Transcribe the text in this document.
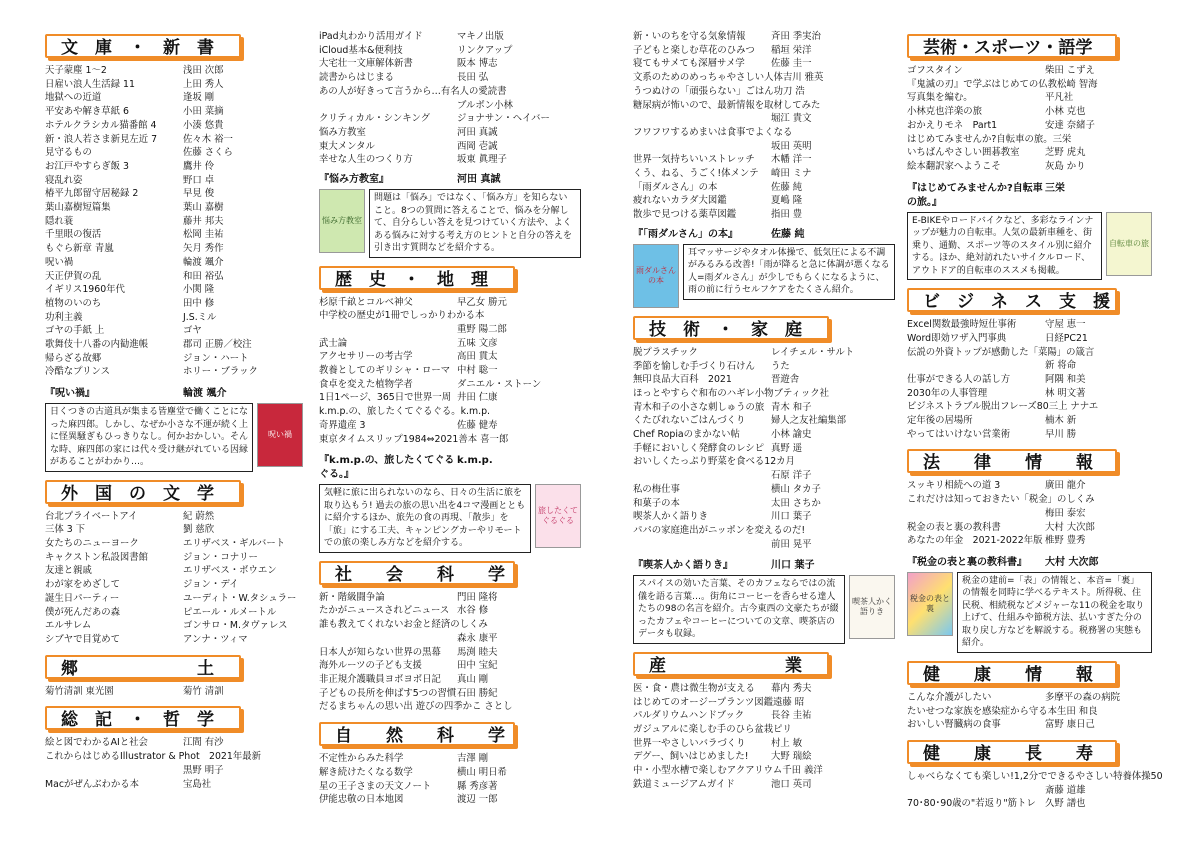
文　庫　・　新　書
天子蒙塵 1〜2	浅田 次郎
日雇い浪人生活録 11	上田 秀人
地獄への近道	逢坂 剛
平安あや解き草紙 6	小田 菜摘
ホテルクラシカル猫番館 4	小湊 悠貴
新・浪人若さま新見左近 7	佐々木 裕一
見守るもの	佐藤 さくら
お江戸やすらぎ飯 3	鷹井 伶
寝乱れ姿	野口 卓
椿平九郎留守居秘録 2	早見 俊
葉山嘉樹短篇集	葉山 嘉樹
隠れ蓑	藤井 邦夫
千里眼の復活	松岡 圭祐
もぐら新章 青嵐	矢月 秀作
呪い禍	輪渡 颯介
天正伊賀の乱	和田 裕弘
イギリス1960年代	小関 隆
植物のいのち	田中 修
功利主義	J.S.ミル
ゴヤの手紙 上	ゴヤ
歌舞伎十八番の内勧進帳	郡司 正勝／校注
帰らざる故郷	ジョン・ハート
冷酷なプリンス	ホリー・ブラック
『呪い禍』	輪渡 颯介
日くつきの古道具が集まる皆塵堂で働くことになった麻四郎。しかし、なぜか小さな不運が続く上に怪異騒ぎもひっきりなし。何かおかしい。そんな時、麻四郎の家には代々受け継がれている因縁があることがわかり…。
呪い禍
外　国　の　文　学
台北プライベートアイ	紀 蔚然
三体 3 下	劉 慈欣
女たちのニューヨーク	エリザベス・ギルバート
キャクストン私設図書館	ジョン・コナリー
友達と親戚	エリザベス・ボウエン
わが家をめざして	ジョン・デイ
誕生日パーティー	ユーディト・W.タシュラー
僕が死んだあの森	ピエール・ルメートル
エルサレム	ゴンサロ・M.タヴァレス
シブヤで目覚めて	アンナ・ツィマ
郷　　　　　　　土
菊竹清訓 東光園	菊竹 清訓
総　記　・　哲　学
絵と図でわかるAIと社会	江間 有沙
これからはじめるIllustrator & Phot　2021年最新
黒野 明子
Macがぜんぶわかる本	宝島社
iPad丸わかり活用ガイド	マキノ出版
iCloud基本&便利技	リンクアップ
大宅壮一文庫解体新書	阪本 博志
読書からはじまる	長田 弘
あの人が好きって言うから…有名人の愛読書
ブルボン小林
クリティカル・シンキング	ジョナサン・ヘイバー
悩み方教室	河田 真誠
東大メンタル	西岡 壱誠
幸せな人生のつくり方	坂東 眞理子
『悩み方教室』	河田 真誠
問題は「悩み」ではなく、「悩み方」を知らないこと。8つの質問に答えることで、悩みを分解して、自分らしい答えを見つけていく方法や、よくある悩みに対する考え方のヒントと自分の答えを引き出す質問などを紹介する。
悩み方教室
歴　史　・　地　理
杉原千畝とコルベ神父	早乙女 勝元
中学校の歴史が1冊でしっかりわかる本
重野 陽二郎
武士論	五味 文彦
アクセサリーの考古学	高田 貫太
教養としてのギリシャ・ローマ 中村 聡一
食卓を変えた植物学者	ダニエル・ストーン
1日1ページ、365日で世界一周 井田 仁康
k.m.p.の、旅したくてぐるぐる。 k.m.p.
奇界遺産 3	佐藤 健寿
東京タイムスリップ1984⇔2021 善本 喜一郎
『k.m.p.の、旅したくてぐるぐる。』
k.m.p.
気軽に旅に出られないのなら、日々の生活に旅を取り込もう! 過去の旅の思い出を4コマ漫画とともに紹介するほか、旅先の食の再現、「散歩」を「旅」にする工夫、キャンピングカーやリモートでの旅の楽しみ方などを紹介する。
旅したくてぐるぐる
社　　会　　科　　学
新・階級闘争論	門田 隆将
たかがニュースされどニュース 水谷 修
誰も教えてくれないお金と経済のしくみ
森永 康平
日本人が知らない世界の黒幕	馬渕 睦夫
海外ルーツの子ども支援	田中 宝紀
非正規介護職員ヨボヨボ日記	真山 剛
子どもの長所を伸ばす5つの習慣 石田 勝紀
だるまちゃんの思い出 遊びの四季 かこ さとし
自　　然　　科　　学
不定性からみた科学	吉澤 剛
解き続けたくなる数学	横山 明日希
星の王子さまの天文ノート	縣 秀彦著
伊能忠敬の日本地図	渡辺 一郎
新・いのちを守る気象情報	斉田 季実治
子どもと楽しむ草花のひみつ	稲垣 栄洋
寝てもサメても深層サメ学	佐藤 圭一
文系のためのめっちゃやさしい人体 吉川 雅英
うつぬけの「頑張らない」ごはん 功刀 浩
糖尿病が怖いので、最新情報を取材してみた
堀江 貴文
フワフワするめまいは食事でよくなる
坂田 英明
世界一気持ちいいストレッチ	木幡 洋一
くう、ねる、うごく!体メンテ	崎田 ミナ
「雨ダルさん」の本	佐藤 純
疲れないカラダ大図鑑	夏嶋 隆
散歩で見つける薬草図鑑	指田 豊
『「雨ダルさん」の本』	佐藤 純
耳マッサージやタオル体操で、低気圧による不調がみるみる改善!「雨が降ると急に体調が悪くなる人=雨ダルさん」が少しでもらくになるように、雨の前に行うセルフケアをたくさん紹介。
雨ダルさんの本
技　術　・　家　庭
脱プラスチック	レイチェル・サルト
季節を愉しむ手づくり石けん	うた
無印良品大百科　2021	晋遊舎
ほっとやすらぐ和布のハギレ小物 ブティック社
青木和子の小さな刺しゅうの旅 青木 和子
くたびれないごはんづくり	婦人之友社編集部
Chef Ropiaのまかない帖	小林 諭史
手軽においしく発酵食のレシピ 真野 遥
おいしくたっぷり野菜を食べる12カ月
石原 洋子
私の梅仕事	横山 タカ子
和菓子の本	太田 さちか
喫茶人かく語りき	川口 葉子
パパの家庭進出がニッポンを変えるのだ!
前田 晃平
『喫茶人かく語りき』	川口 葉子
スパイスの効いた言葉、そのカフェならではの流儀を語る言葉…。街角にコーヒーを香らせる達人たちの98の名言を紹介。古今東西の文豪たちが綴ったカフェやコーヒーについての文章、喫茶店のデータも収録。
喫茶人かく語りき
産　　　　　　　業
医・食・農は微生物が支える	幕内 秀夫
はじめてのオージープランツ図鑑 遠藤 昭
パルダリウムハンドブック	長谷 圭祐
ガジュアルに楽しむ手のひら盆栽 ピリ
世界一やさしいバラづくり	村上 敏
デグー、飼いはじめました!	大野 瑞絵
中・小型水槽で楽しむアクアリウム 千田 義洋
鉄道ミュージアムガイド	池口 英司
芸術・スポーツ・語学
ゴフスタイン	柴田 こずえ
『鬼滅の刃』で学ぶはじめての仏教 松崎 智海
写真集を編む。	平凡社
小林克也洋楽の旅	小林 克也
おかえりモネ　Part1	安達 奈緒子
はじめてみませんか?自転車の旅。 三栄
いちばんやさしい囲碁教室	芝野 虎丸
絵本翻訳家へようこそ	灰島 かり
『はじめてみませんか?自転車の旅。』
三栄
E-BIKEやロードバイクなど、多彩なラインナップが魅力の自転車。人気の最新車種を、街乗り、通勤、スポーツ等のスタイル別に紹介する。ほか、絶対訪れたいサイクルロード、アウトドア的自転車のススメも掲載。
自転車の旅
ビ　ジ　ネ　ス　支　援
Excel関数最強時短仕事術	守屋 恵一
Word即効ワザ入門事典	日経PC21
伝説の外資トップが感動した「菜陽」の箴言
新 将命
仕事ができる人の話し方	阿隅 和美
2030年の人事管理	林 明文著
ビジネストラブル脱出フレーズ80 三上 ナナエ
定年後の居場所	楠木 新
やってはいけない営業術	早川 勝
法　　律　　情　　報
スッキリ相続への道 3	廣田 龍介
これだけは知っておきたい「税金」のしくみ
梅田 泰宏
税金の表と裏の教科書	大村 大次郎
あなたの年金　2021-2022年版 椎野 豊秀
『税金の表と裏の教科書』	大村 大次郎
税金の建前=「表」の情報と、本音=「裏」の情報を同時に学べるテキスト。所得税、住民税、相続税などメジャーな11の税金を取り上げて、仕組みや節税方法、払いすぎた分の取り戻し方などを解説する。税務署の実態も紹介。
税金の表と裏
健　　康　　情　　報
こんな介護がしたい	多摩平の森の病院
たいせつな家族を感染症から守る本 生田 和良
おいしい腎臓病の食事	富野 康日己
健　　康　　長　　寿
しゃべらなくても楽しい!1,2分でできるやさしい特養体操50
斎藤 道雄
70･80･90歳の"若返り"筋トレ 久野 譜也
